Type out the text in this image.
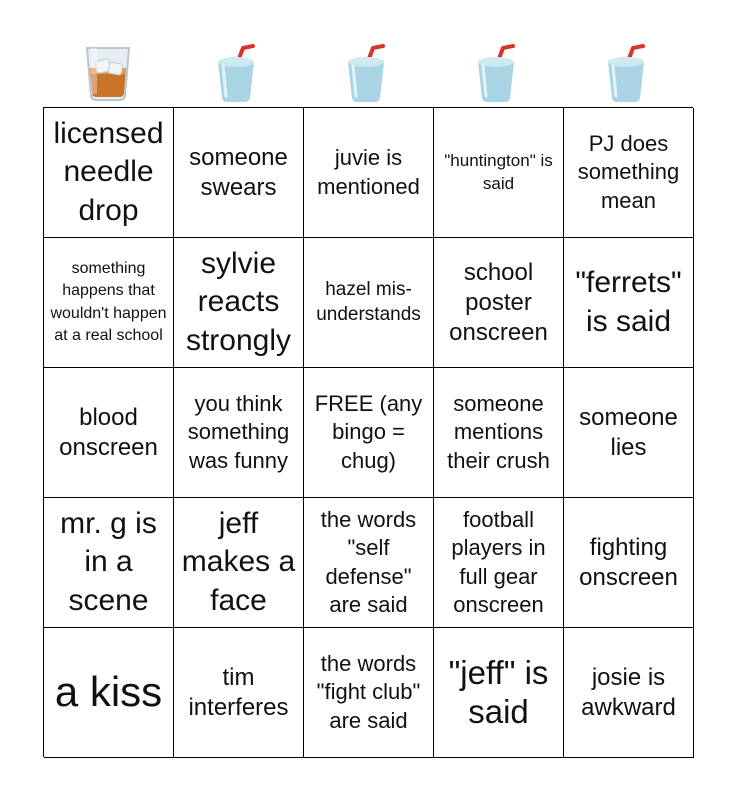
licensed needle drop
someone swears
juvie is mentioned
"huntington" is said
PJ does something mean
something happens that wouldn't happen at a real school
sylvie reacts strongly
hazel mis-understands
school poster onscreen
"ferrets" is said
blood onscreen
you think something was funny
FREE (any bingo = chug)
someone mentions their crush
someone lies
mr. g is in a scene
jeff makes a face
the words "self defense" are said
football players in full gear onscreen
fighting onscreen
a kiss	tim interferes
the words "fight club" are said
"jeff" is said
josie is awkward
